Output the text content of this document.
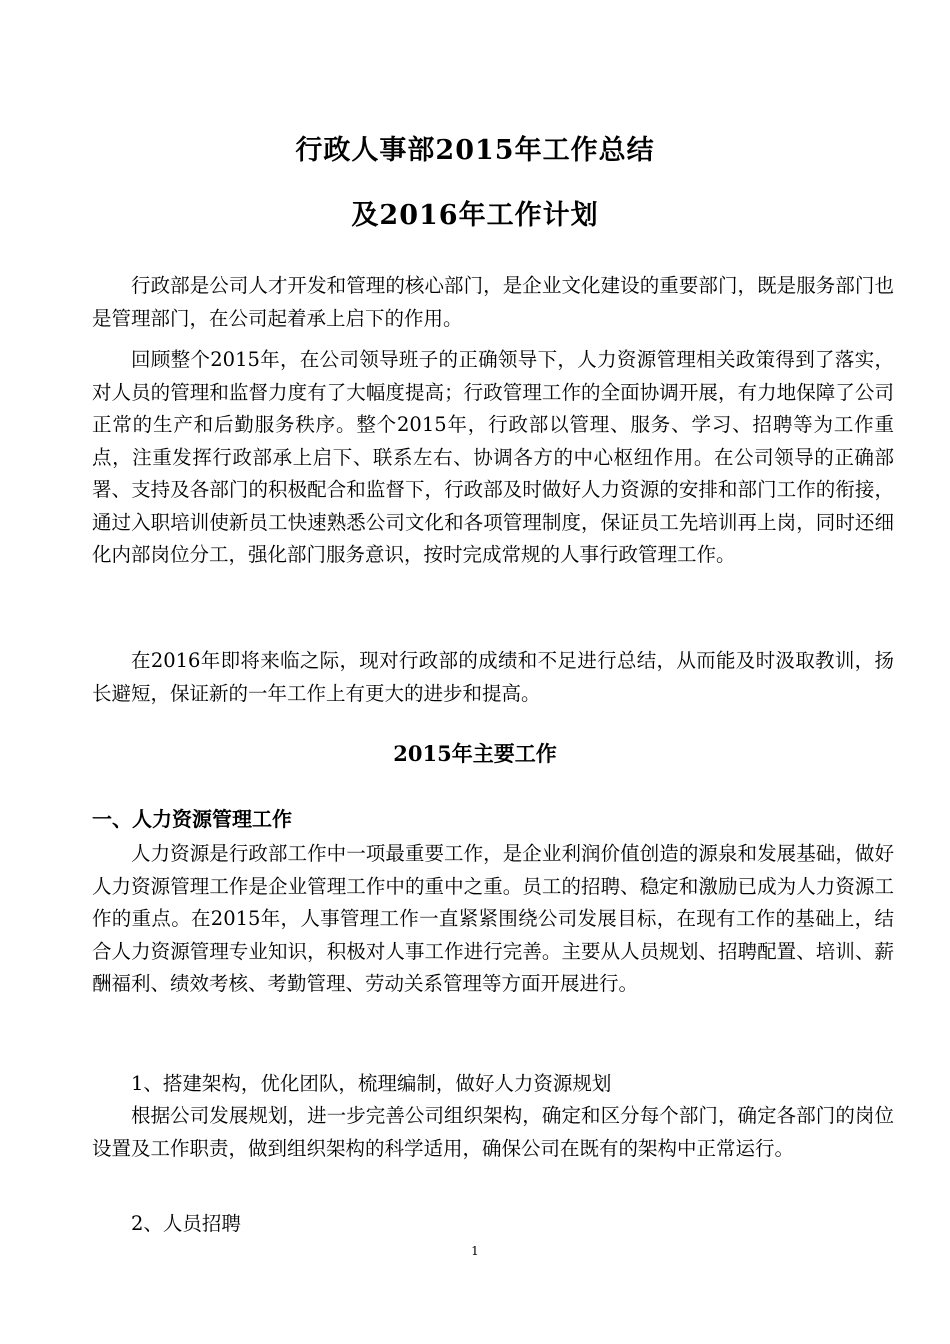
行政人事部2015年工作总结
及2016年工作计划

行政部是公司人才开发和管理的核心部门，是企业文化建设的重要部门，既是服务部门也是管理部门，在公司起着承上启下的作用。

回顾整个2015年，在公司领导班子的正确领导下，人力资源管理相关政策得到了落实，对人员的管理和监督力度有了大幅度提高；行政管理工作的全面协调开展，有力地保障了公司正常的生产和后勤服务秩序。整个2015年，行政部以管理、服务、学习、招聘等为工作重点，注重发挥行政部承上启下、联系左右、协调各方的中心枢纽作用。在公司领导的正确部署、支持及各部门的积极配合和监督下，行政部及时做好人力资源的安排和部门工作的衔接，通过入职培训使新员工快速熟悉公司文化和各项管理制度，保证员工先培训再上岗，同时还细化内部岗位分工，强化部门服务意识，按时完成常规的人事行政管理工作。

在2016年即将来临之际，现对行政部的成绩和不足进行总结，从而能及时汲取教训，扬长避短，保证新的一年工作上有更大的进步和提高。

2015年主要工作

一、人力资源管理工作

人力资源是行政部工作中一项最重要工作，是企业利润价值创造的源泉和发展基础，做好人力资源管理工作是企业管理工作中的重中之重。员工的招聘、稳定和激励已成为人力资源工作的重点。在2015年，人事管理工作一直紧紧围绕公司发展目标，在现有工作的基础上，结合人力资源管理专业知识，积极对人事工作进行完善。主要从人员规划、招聘配置、培训、薪酬福利、绩效考核、考勤管理、劳动关系管理等方面开展进行。

1、搭建架构，优化团队，梳理编制，做好人力资源规划

根据公司发展规划，进一步完善公司组织架构，确定和区分每个部门，确定各部门的岗位设置及工作职责，做到组织架构的科学适用，确保公司在既有的架构中正常运行。

2、人员招聘

1
